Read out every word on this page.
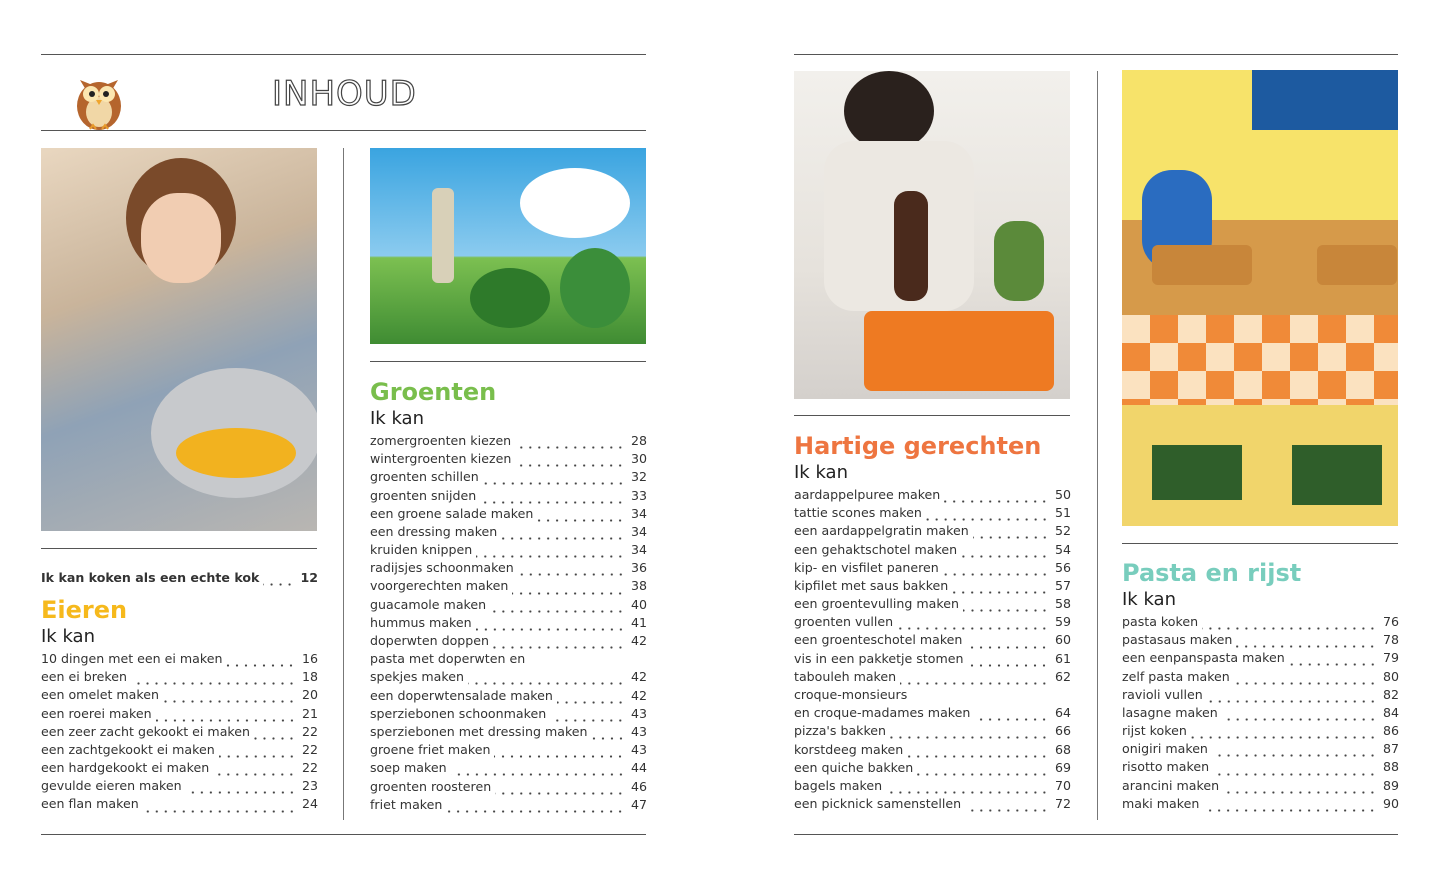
INHOUD
Ik kan koken als een echte kok	12
Eieren
Ik kan
10 dingen met een ei maken	16
een ei breken	18
een omelet maken	20
een roerei maken	21
een zeer zacht gekookt ei maken	22
een zachtgekookt ei maken	22
een hardgekookt ei maken	22
gevulde eieren maken	23
een flan maken	24
Groenten
Ik kan
zomergroenten kiezen	28
wintergroenten kiezen	30
groenten schillen	32
groenten snijden	33
een groene salade maken	34
een dressing maken	34
kruiden knippen	34
radijsjes schoonmaken	36
voorgerechten maken	38
guacamole maken	40
hummus maken	41
doperwten doppen	42
pasta met doperwten en
spekjes maken	42
een doperwtensalade maken	42
sperziebonen schoonmaken	43
sperziebonen met dressing maken	43
groene friet maken	43
soep maken	44
groenten roosteren	46
friet maken	47
Hartige gerechten
Ik kan
aardappelpuree maken	50
tattie scones maken	51
een aardappelgratin maken	52
een gehaktschotel maken	54
kip- en visfilet paneren	56
kipfilet met saus bakken	57
een groentevulling maken	58
groenten vullen	59
een groenteschotel maken	60
vis in een pakketje stomen	61
tabouleh maken	62
croque-monsieurs
en croque-madames maken	64
pizza's bakken	66
korstdeeg maken	68
een quiche bakken	69
bagels maken	70
een picknick samenstellen	72
Pasta en rijst
Ik kan
pasta koken	76
pastasaus maken	78
een eenpanspasta maken	79
zelf pasta maken	80
ravioli vullen	82
lasagne maken	84
rijst koken	86
onigiri maken	87
risotto maken	88
arancini maken	89
maki maken	90
